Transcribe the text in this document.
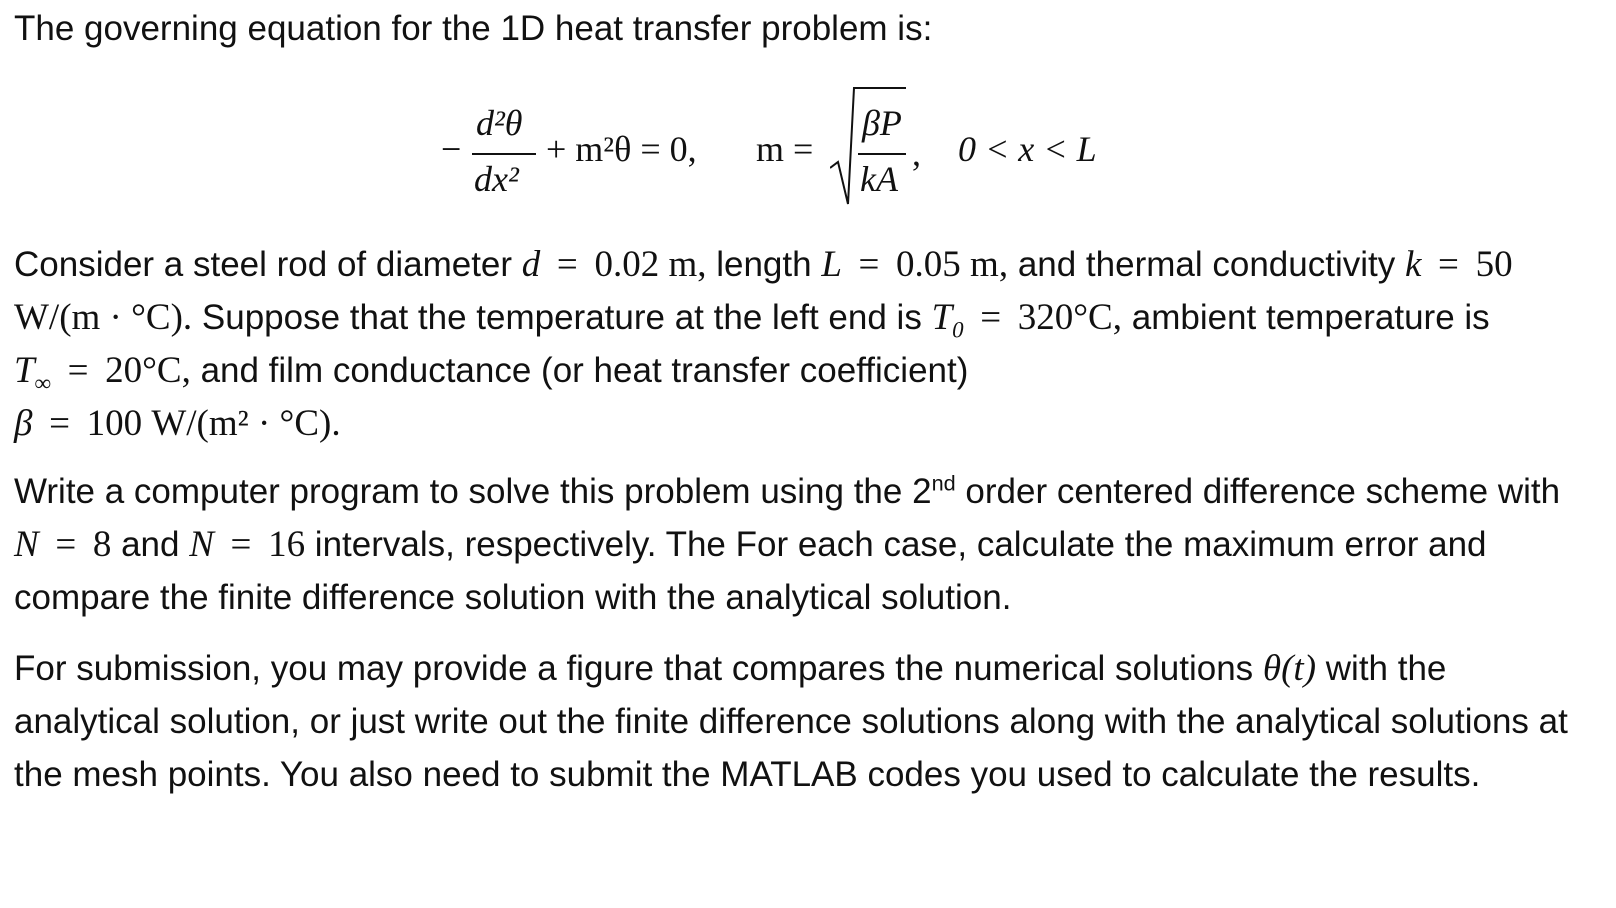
The governing equation for the 1D heat transfer problem is:

−
d²θ
dx²
+ m²θ = 0, m =
βP
kA
, 0 < x < L

Consider a steel rod of diameter d = 0.02 m, length L = 0.05 m, and thermal conductivity k = 50 W/(m · °C). Suppose that the temperature at the left end is $T_0 = 320^\circ C$, ambient temperature is $T_\infty = 20^\circ C$, and film conductance (or heat transfer coefficient)
β = 100 W/(m² · °C).

Write a computer program to solve this problem using the 2nd order centered difference scheme with N = 8 and N = 16 intervals, respectively. The For each case, calculate the maximum error and compare the finite difference solution with the analytical solution.

For submission, you may provide a figure that compares the numerical solutions θ(t) with the analytical solution, or just write out the finite difference solutions along with the analytical solutions at the mesh points. You also need to submit the MATLAB codes you used to calculate the results.
